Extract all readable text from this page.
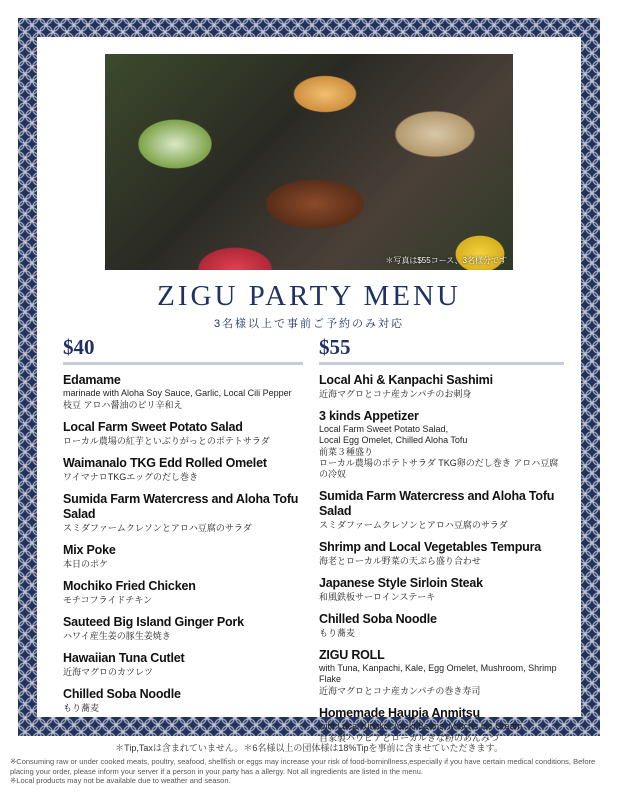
＊写真は$55コース、3名様分です
ZIGU PARTY MENU
3名様以上で事前ご予約のみ対応
$40
Edamame
marinade with Aloha Soy Sauce, Garlic, Local Cili Pepper
枝豆 アロハ醤油のピリ辛和え
Local Farm Sweet Potato Salad
ローカル農場の紅芋といぶりがっとのポテトサラダ
Waimanalo TKG Edd Rolled Omelet
ワイマナロTKGエッグのだし巻き
Sumida Farm Watercress and Aloha Tofu Salad
スミダファームクレソンとアロハ豆腐のサラダ
Mix Poke
本日のポケ
Mochiko Fried Chicken
モチコフライドチキン
Sauteed Big Island Ginger Pork
ハワイ産生姜の豚生姜焼き
Hawaiian Tuna Cutlet
近海マグロのカツレツ
Chilled Soba Noodle
もり蕎麦
$55
Local Ahi & Kanpachi Sashimi
近海マグロとコナ産カンパチのお刺身
3 kinds Appetizer
Local Farm Sweet Potato Salad,
Local Egg Omelet, Chilled Aloha Tofu
前菜３種盛り
ローカル農場のポテトサラダ TKG卵のだし巻き アロハ豆腐の冷奴
Sumida Farm Watercress and Aloha Tofu Salad
スミダファームクレソンとアロハ豆腐のサラダ
Shrimp and Local Vegetables Tempura
海老とローカル野菜の天ぷら盛り合わせ
Japanese Style Sirloin Steak
和風鉄板サーロインステーキ
Chilled Soba Noodle
もり蕎麦
ZIGU ROLL
with Tuna, Kanpachi, Kale, Egg Omelet, Mushroom, Shrimp Flake
近海マグロとコナ産カンパチの巻き寿司
Homemade Haupia Anmitsu
with Local Kinako, Azuki Beans, Matcha Ice Cream
自家製ハウピアとローカルきな粉のあんみつ
＊Tip,Taxは含まれていません。＊6名様以上の団体様は18%Tipを事前に含ませていただきます。
※Consuming raw or under cooked meats, poultry, seafood, shellfish or eggs may increase your risk of food-borninllness,especially if you have certain medical conditions, Before placing your order, please inform your server if a person in your party has a allergy. Not all ingredients are listed in the menu.
※Local products may not be available due to weather and season.
